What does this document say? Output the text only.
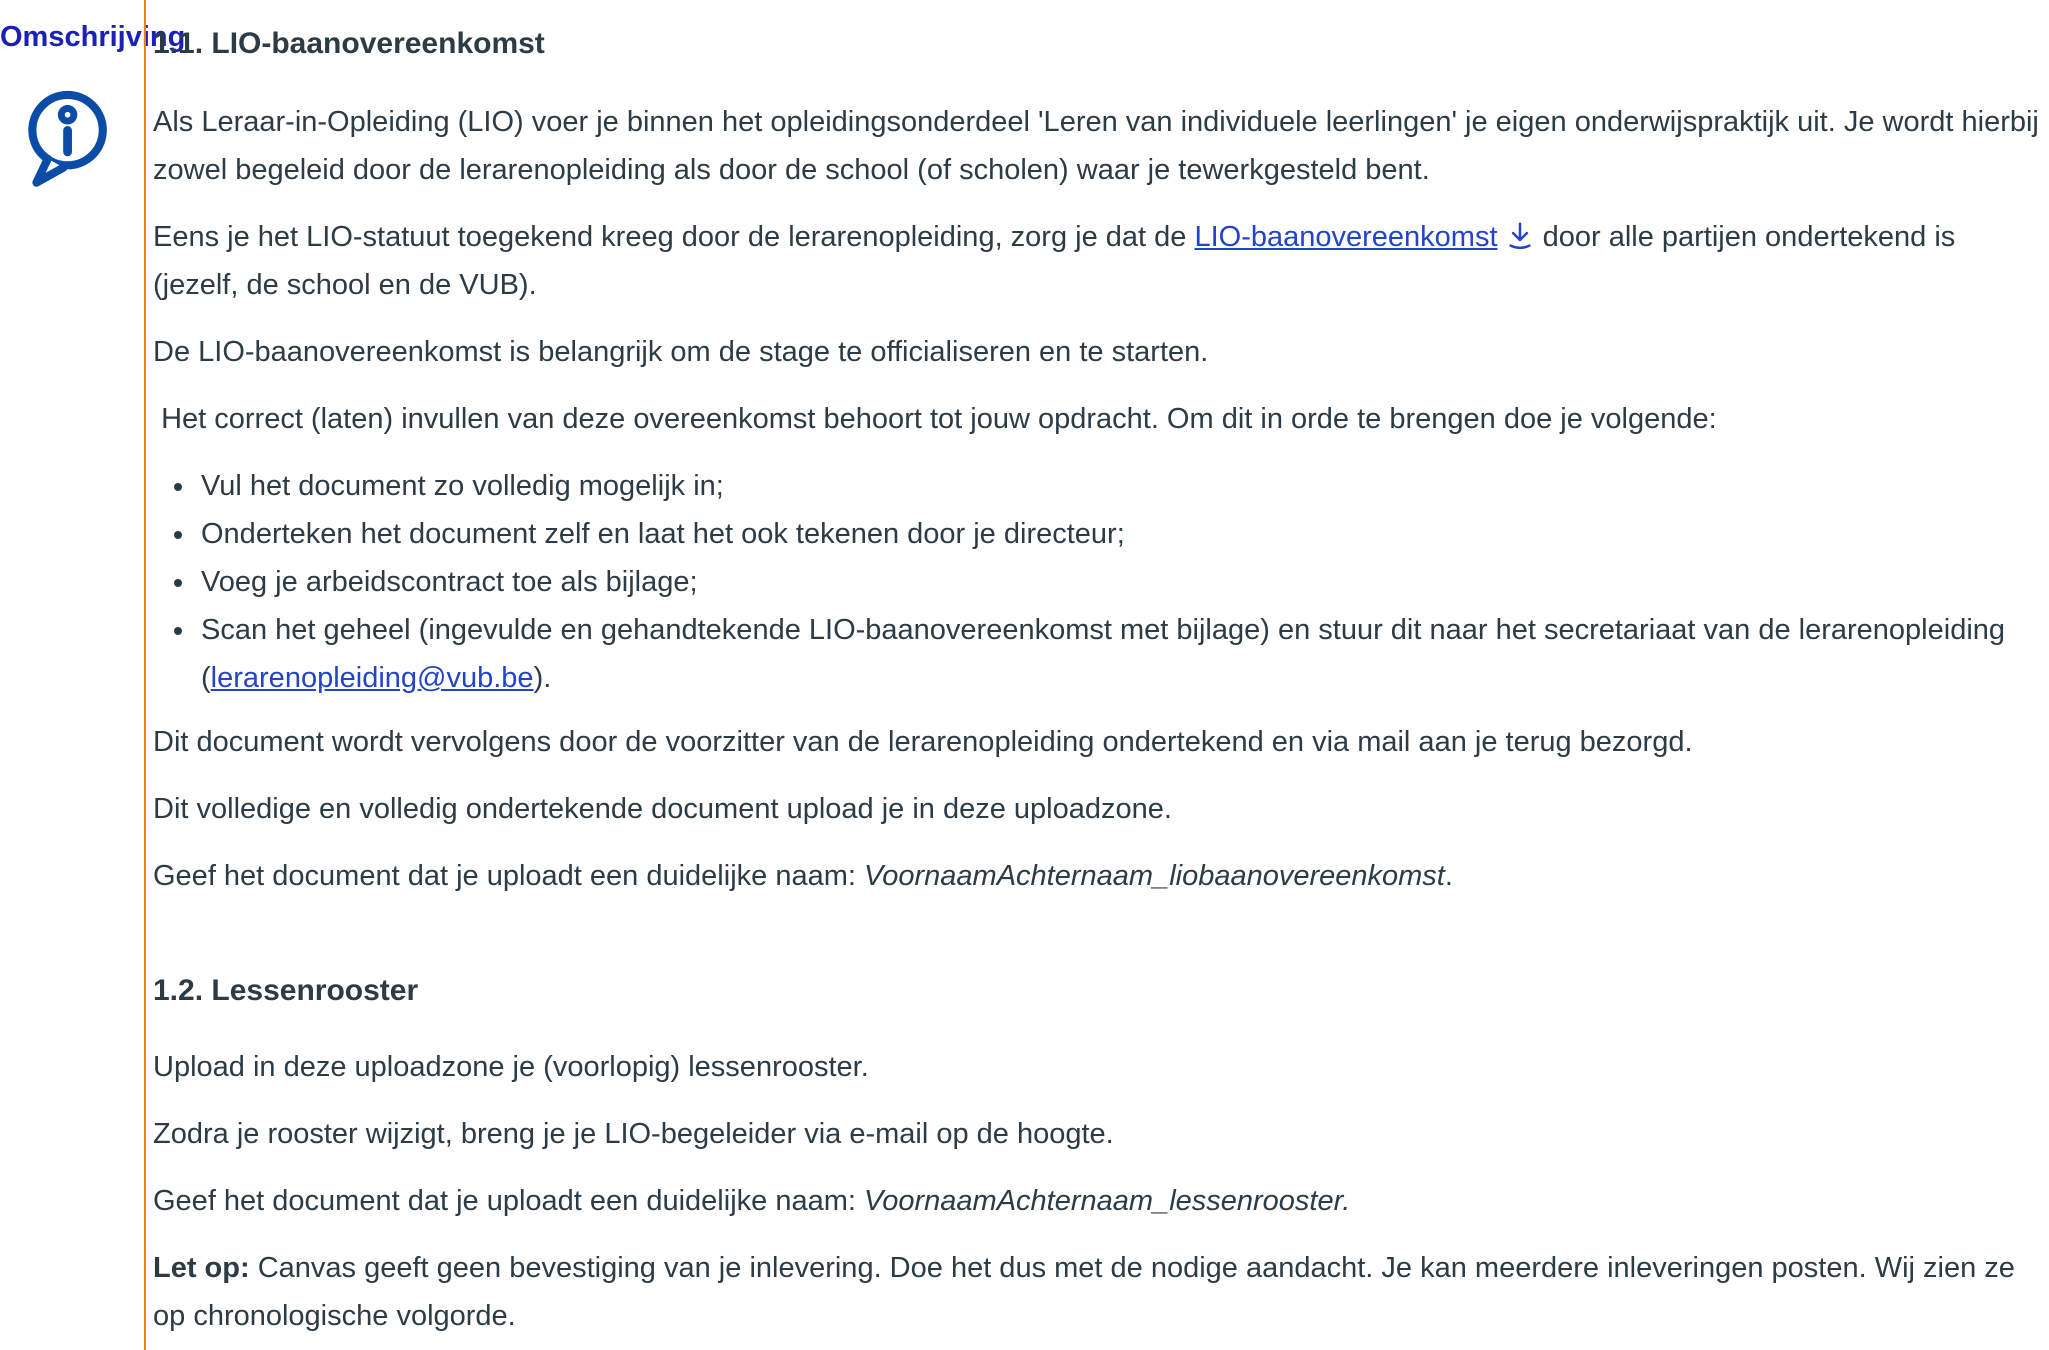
Omschrijving
1.1. LIO-baanovereenkomst

Als Leraar-in-Opleiding (LIO) voer je binnen het opleidingsonderdeel 'Leren van individuele leerlingen' je eigen onderwijspraktijk uit. Je wordt hierbij zowel begeleid door de lerarenopleiding als door de school (of scholen) waar je tewerkgesteld bent.

Eens je het LIO-statuut toegekend kreeg door de lerarenopleiding, zorg je dat de LIO-baanovereenkomst door alle partijen ondertekend is (jezelf, de school en de VUB).

De LIO-baanovereenkomst is belangrijk om de stage te officialiseren en te starten.

Het correct (laten) invullen van deze overeenkomst behoort tot jouw opdracht. Om dit in orde te brengen doe je volgende:

• Vul het document zo volledig mogelijk in;
• Onderteken het document zelf en laat het ook tekenen door je directeur;
• Voeg je arbeidscontract toe als bijlage;
• Scan het geheel (ingevulde en gehandtekende LIO-baanovereenkomst met bijlage) en stuur dit naar het secretariaat van de lerarenopleiding (lerarenopleiding@vub.be).

Dit document wordt vervolgens door de voorzitter van de lerarenopleiding ondertekend en via mail aan je terug bezorgd.

Dit volledige en volledig ondertekende document upload je in deze uploadzone.

Geef het document dat je uploadt een duidelijke naam: VoornaamAchternaam_liobaanovereenkomst.

1.2. Lessenrooster

Upload in deze uploadzone je (voorlopig) lessenrooster.

Zodra je rooster wijzigt, breng je je LIO-begeleider via e-mail op de hoogte.

Geef het document dat je uploadt een duidelijke naam: VoornaamAchternaam_lessenrooster.

Let op: Canvas geeft geen bevestiging van je inlevering. Doe het dus met de nodige aandacht. Je kan meerdere inleveringen posten. Wij zien ze op chronologische volgorde.
